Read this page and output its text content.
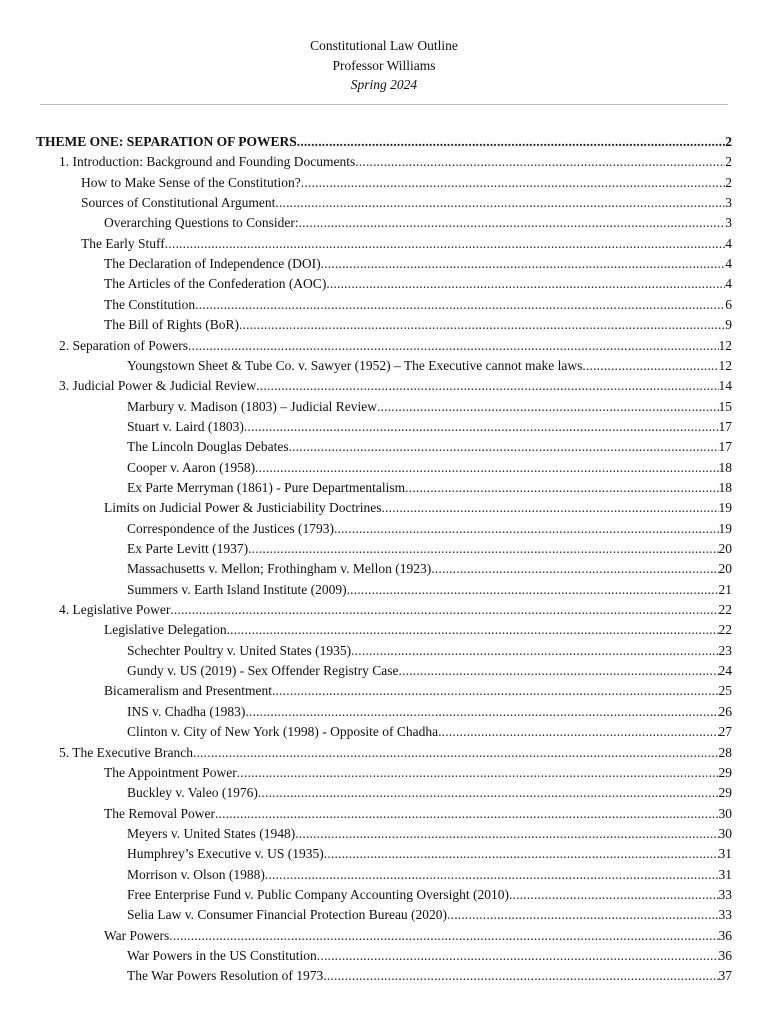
Constitutional Law Outline
Professor Williams
Spring 2024
THEME ONE: SEPARATION OF POWERS .....	2
1. Introduction: Background and Founding Documents .....	2
How to Make Sense of the Constitution? .....	2
Sources of Constitutional Argument .....	3
Overarching Questions to Consider: .....	3
The Early Stuff .....	4
The Declaration of Independence (DOI) .....	4
The Articles of the Confederation (AOC) .....	4
The Constitution .....	6
The Bill of Rights (BoR) .....	9
2. Separation of Powers .....	12
Youngstown Sheet & Tube Co. v. Sawyer (1952) – The Executive cannot make laws .....	12
3. Judicial Power & Judicial Review .....	14
Marbury v. Madison (1803) – Judicial Review .....	15
Stuart v. Laird (1803) .....	17
The Lincoln Douglas Debates .....	17
Cooper v. Aaron (1958) .....	18
Ex Parte Merryman (1861) - Pure Departmentalism .....	18
Limits on Judicial Power & Justiciability Doctrines .....	19
Correspondence of the Justices (1793) .....	19
Ex Parte Levitt (1937) .....	20
Massachusetts v. Mellon; Frothingham v. Mellon (1923) .....	20
Summers v. Earth Island Institute (2009) .....	21
4. Legislative Power .....	22
Legislative Delegation .....	22
Schechter Poultry v. United States (1935) .....	23
Gundy v. US (2019) - Sex Offender Registry Case .....	24
Bicameralism and Presentment .....	25
INS v. Chadha (1983) .....	26
Clinton v. City of New York (1998) - Opposite of Chadha .....	27
5. The Executive Branch .....	28
The Appointment Power .....	29
Buckley v. Valeo (1976) .....	29
The Removal Power .....	30
Meyers v. United States (1948) .....	30
Humphrey’s Executive v. US (1935) .....	31
Morrison v. Olson (1988) .....	31
Free Enterprise Fund v. Public Company Accounting Oversight (2010) .....	33
Selia Law v. Consumer Financial Protection Bureau (2020) .....	33
War Powers .....	36
War Powers in the US Constitution .....	36
The War Powers Resolution of 1973 .....	37
